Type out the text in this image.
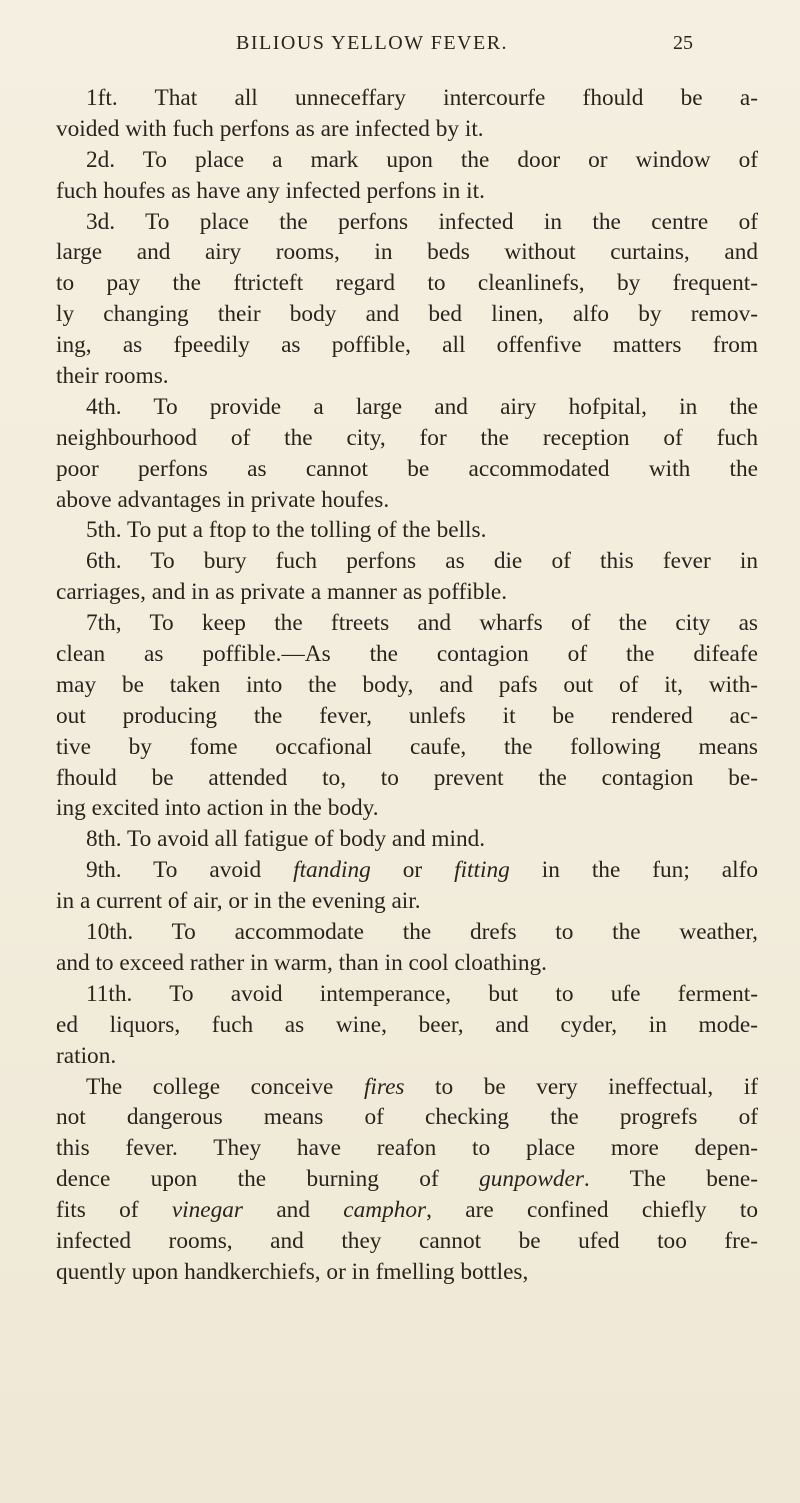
BILIOUS YELLOW FEVER.	25
1ft. That all unneceffary intercourfe fhould be a-
voided with fuch perfons as are infected by it.
2d. To place a mark upon the door or window of
fuch houfes as have any infected perfons in it.
3d. To place the perfons infected in the centre of
large and airy rooms, in beds without curtains, and
to pay the ftricteft regard to cleanlinefs, by frequent-
ly changing their body and bed linen, alfo by remov-
ing, as fpeedily as poffible, all offenfive matters from
their rooms.
4th. To provide a large and airy hofpital, in the
neighbourhood of the city, for the reception of fuch
poor perfons as cannot be accommodated with the
above advantages in private houfes.
5th. To put a ftop to the tolling of the bells.
6th. To bury fuch perfons as die of this fever in
carriages, and in as private a manner as poffible.
7th, To keep the ftreets and wharfs of the city as
clean as poffible.—As the contagion of the difeafe
may be taken into the body, and pafs out of it, with-
out producing the fever, unlefs it be rendered ac-
tive by fome occafional caufe, the following means
fhould be attended to, to prevent the contagion be-
ing excited into action in the body.
8th. To avoid all fatigue of body and mind.
9th. To avoid ftanding or fitting in the fun; alfo
in a current of air, or in the evening air.
10th. To accommodate the drefs to the weather,
and to exceed rather in warm, than in cool cloathing.
11th. To avoid intemperance, but to ufe ferment-
ed liquors, fuch as wine, beer, and cyder, in mode-
ration.
The college conceive fires to be very ineffectual, if
not dangerous means of checking the progrefs of
this fever. They have reafon to place more depen-
dence upon the burning of gunpowder. The bene-
fits of vinegar and camphor, are confined chiefly to
infected rooms, and they cannot be ufed too fre-
quently upon handkerchiefs, or in fmelling bottles,
